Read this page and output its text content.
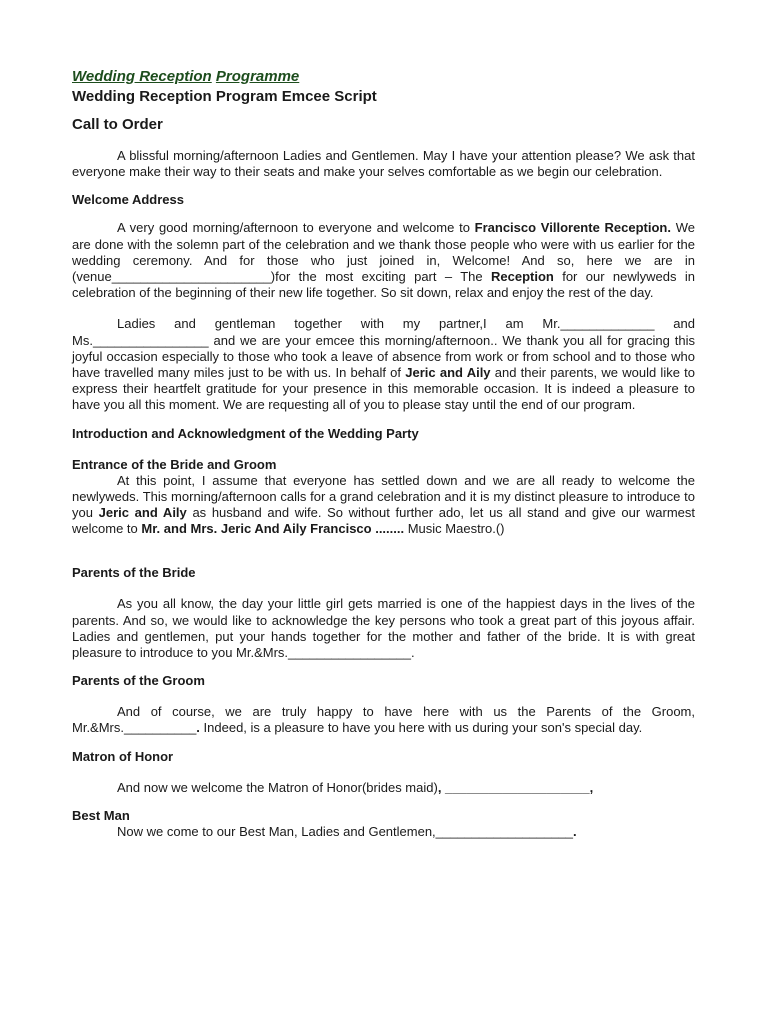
Wedding Reception Programme
Wedding Reception Program Emcee Script
Call to Order

A blissful morning/afternoon Ladies and Gentlemen. May I have your attention please? We ask that everyone make their way to their seats and make your selves comfortable as we begin our celebration.

Welcome Address

A very good morning/afternoon to everyone and welcome to Francisco Villorente Reception. We are done with the solemn part of the celebration and we thank those people who were with us earlier for the wedding ceremony. And for those who just joined in, Welcome! And so, here we are in (venue______________________)for the most exciting part – The Reception for our newlyweds in celebration of the beginning of their new life together. So sit down, relax and enjoy the rest of the day.

Ladies and gentleman together with my partner,I am Mr._____________ and Ms.________________ and we are your emcee this morning/afternoon.. We thank you all for gracing this joyful occasion especially to those who took a leave of absence from work or from school and to those who have travelled many miles just to be with us. In behalf of Jeric and Aily and their parents, we would like to express their heartfelt gratitude for your presence in this memorable occasion. It is indeed a pleasure to have you all this moment. We are requesting all of you to please stay until the end of our program.

Introduction and Acknowledgment of the Wedding Party
Entrance of the Bride and Groom

At this point, I assume that everyone has settled down and we are all ready to welcome the newlyweds. This morning/afternoon calls for a grand celebration and it is my distinct pleasure to introduce to you Jeric and Aily as husband and wife. So without further ado, let us all stand and give our warmest welcome to Mr. and Mrs. Jeric And Aily Francisco ........ Music Maestro.()

Parents of the Bride

As you all know, the day your little girl gets married is one of the happiest days in the lives of the parents. And so, we would like to acknowledge the key persons who took a great part of this joyous affair. Ladies and gentlemen, put your hands together for the mother and father of the bride. It is with great pleasure to introduce to you Mr.&Mrs._________________.

Parents of the Groom

And of course, we are truly happy to have here with us the Parents of the Groom, Mr.&Mrs.__________. Indeed, is a pleasure to have you here with us during your son's special day.

Matron of Honor

And now we welcome the Matron of Honor(brides maid), ____________________,

Best Man

Now we come to our Best Man, Ladies and Gentlemen,___________________.
